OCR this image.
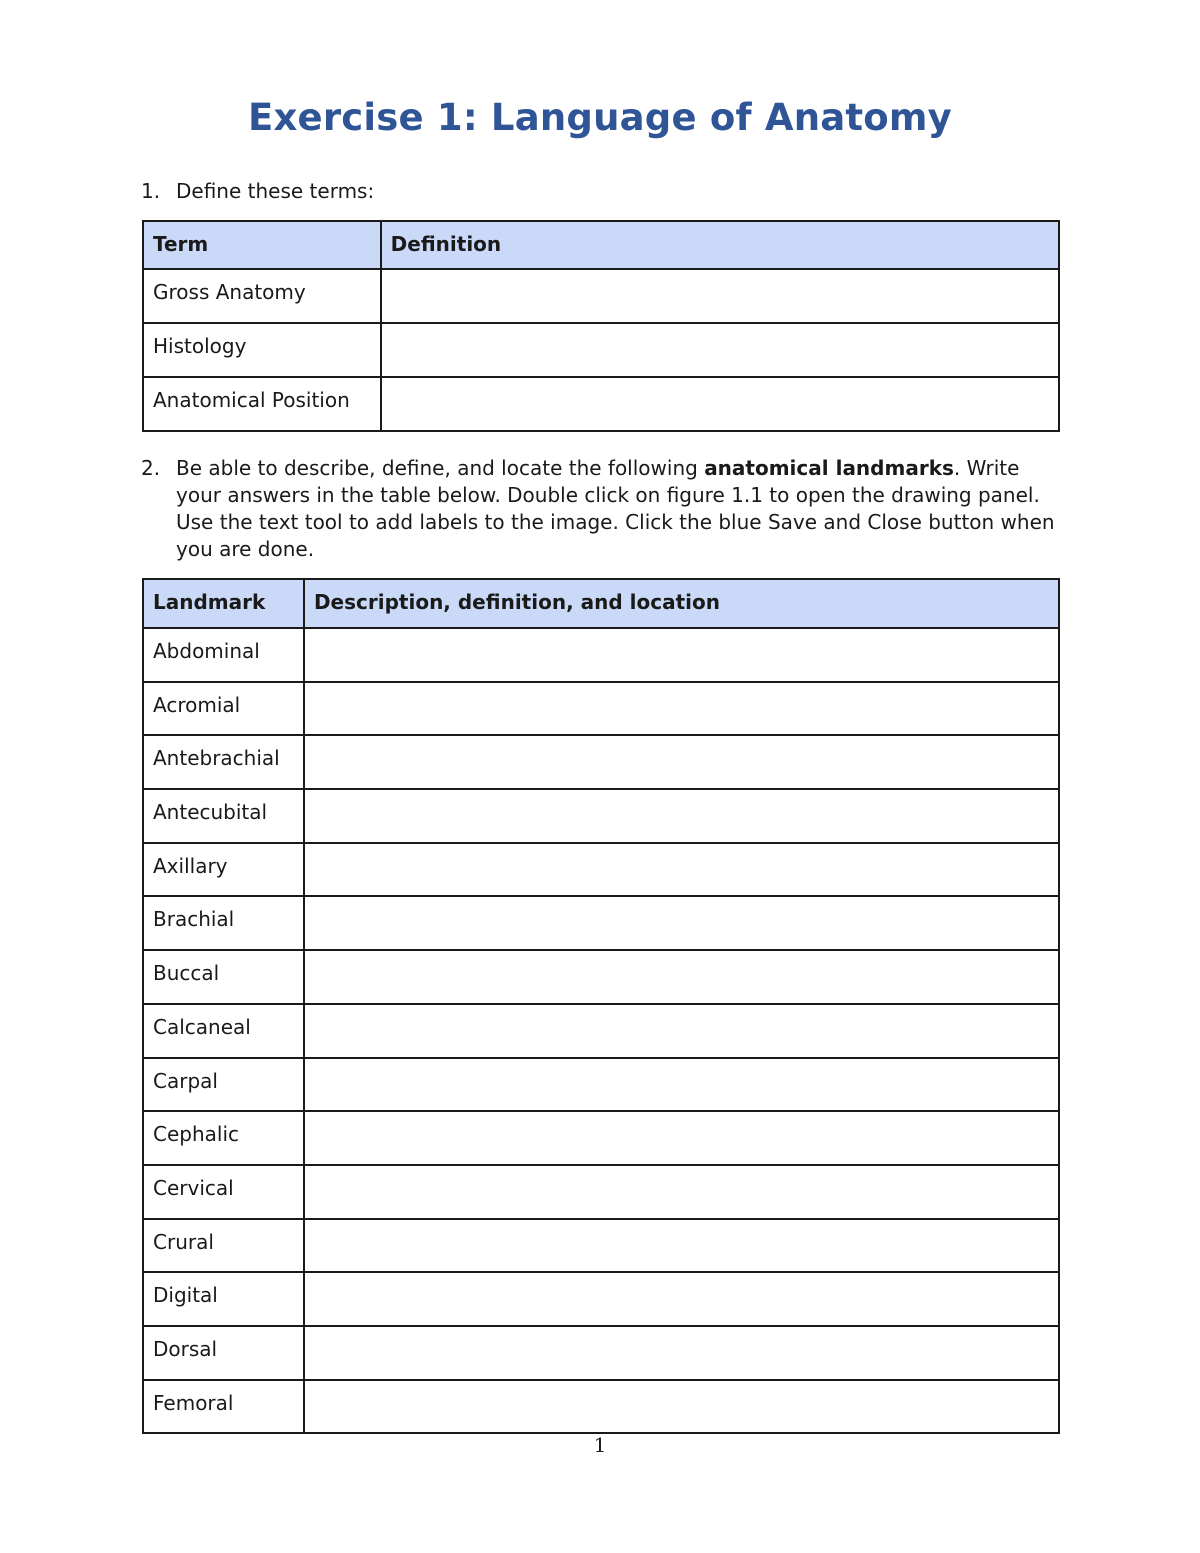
Exercise 1: Language of Anatomy
1. Define these terms:
Term	Definition
Gross Anatomy	
Histology	
Anatomical Position	
2. Be able to describe, define, and locate the following anatomical landmarks. Write your answers in the table below. Double click on figure 1.1 to open the drawing panel. Use the text tool to add labels to the image. Click the blue Save and Close button when you are done.
Landmark	Description, definition, and location
Abdominal	
Acromial	
Antebrachial	
Antecubital	
Axillary	
Brachial	
Buccal	
Calcaneal	
Carpal	
Cephalic	
Cervical	
Crural	
Digital	
Dorsal	
Femoral	
1
